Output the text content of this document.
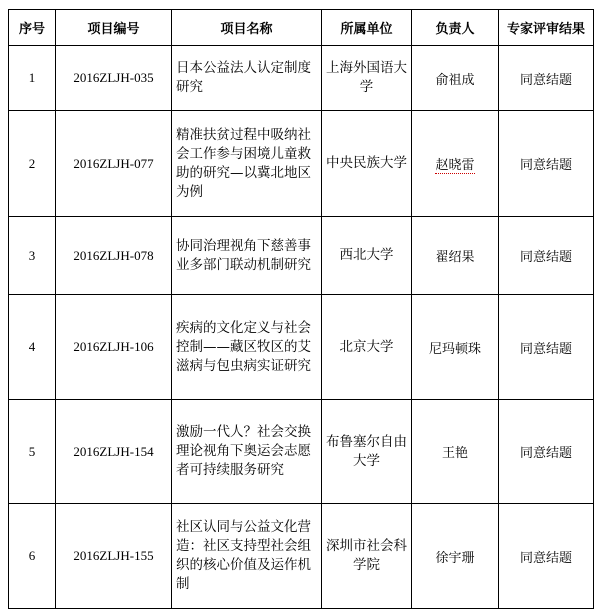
序号	项目编号	项目名称	所属单位	负责人	专家评审结果
1	2016ZLJH-035	日本公益法人认定制度研究	上海外国语大学	俞祖成	同意结题
2	2016ZLJH-077	精准扶贫过程中吸纳社会工作参与困境儿童救助的研究—以冀北地区为例	中央民族大学	赵晓雷	同意结题
3	2016ZLJH-078	协同治理视角下慈善事业多部门联动机制研究	西北大学	翟绍果	同意结题
4	2016ZLJH-106	疾病的文化定义与社会控制——藏区牧区的艾滋病与包虫病实证研究	北京大学	尼玛顿珠	同意结题
5	2016ZLJH-154	激励一代人？社会交换理论视角下奥运会志愿者可持续服务研究	布鲁塞尔自由大学	王艳	同意结题
6	2016ZLJH-155	社区认同与公益文化营造：社区支持型社会组织的核心价值及运作机制	深圳市社会科学院	徐宇珊	同意结题
